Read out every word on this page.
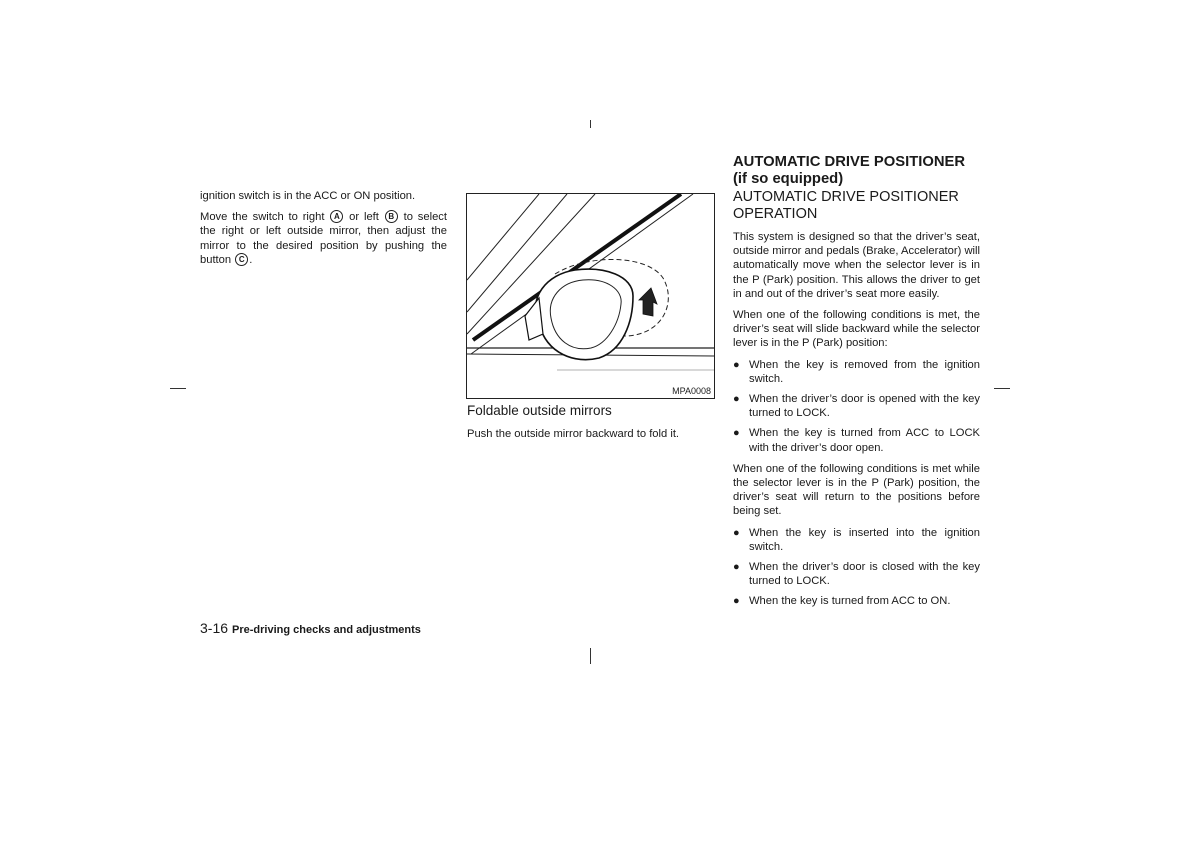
ignition switch is in the ACC or ON position.

Move the switch to right A or left B to select the right or left outside mirror, then adjust the mirror to the desired position by pushing the button C .

MPA0008
Foldable outside mirrors
Push the outside mirror backward to fold it.
AUTOMATIC DRIVE POSITIONER
(if so equipped)
AUTOMATIC DRIVE POSITIONER OPERATION

This system is designed so that the driver’s seat, outside mirror and pedals (Brake, Accelerator) will automatically move when the selector lever is in the P (Park) position. This allows the driver to get in and out of the driver’s seat more easily.

When one of the following conditions is met, the driver’s seat will slide backward while the selector lever is in the P (Park) position:

● When the key is removed from the ignition switch.
● When the driver’s door is opened with the key turned to LOCK.
● When the key is turned from ACC to LOCK with the driver’s door open.

When one of the following conditions is met while the selector lever is in the P (Park) position, the driver’s seat will return to the positions before being set.

● When the key is inserted into the ignition switch.
● When the driver’s door is closed with the key turned to LOCK.
● When the key is turned from ACC to ON.
3-16 Pre-driving checks and adjustments
